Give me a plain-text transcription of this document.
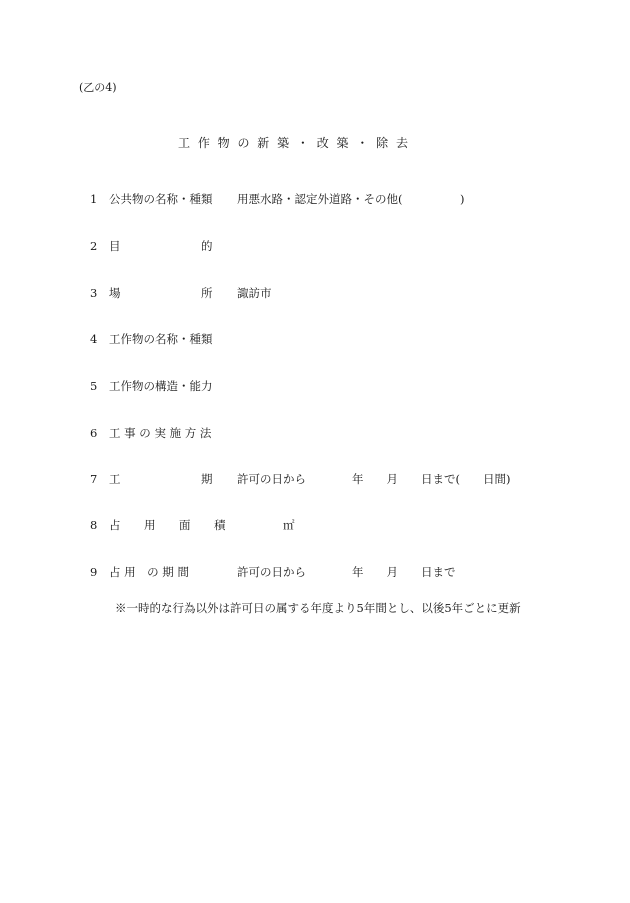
(乙の4)
工 作 物 の 新 築 ・ 改 築 ・ 除 去
1	公共物の名称・種類 用悪水路・認定外道路・その他(　　　　　)
2	目　　　　　　　的
3	場　　　　　　　所 諏訪市
4	工作物の名称・種類
5	工作物の構造・能力
6	工 事 の 実 施 方 法
7	工　　　　　　　期 許可の日から　　　　年　　月　　日まで(　　日間)
8	占　用　面　積 　　　　㎡
9	占 用　の 期 間	許可の日から　　　　年　　月　　日まで
※一時的な行為以外は許可日の属する年度より5年間とし、以後5年ごとに更新
